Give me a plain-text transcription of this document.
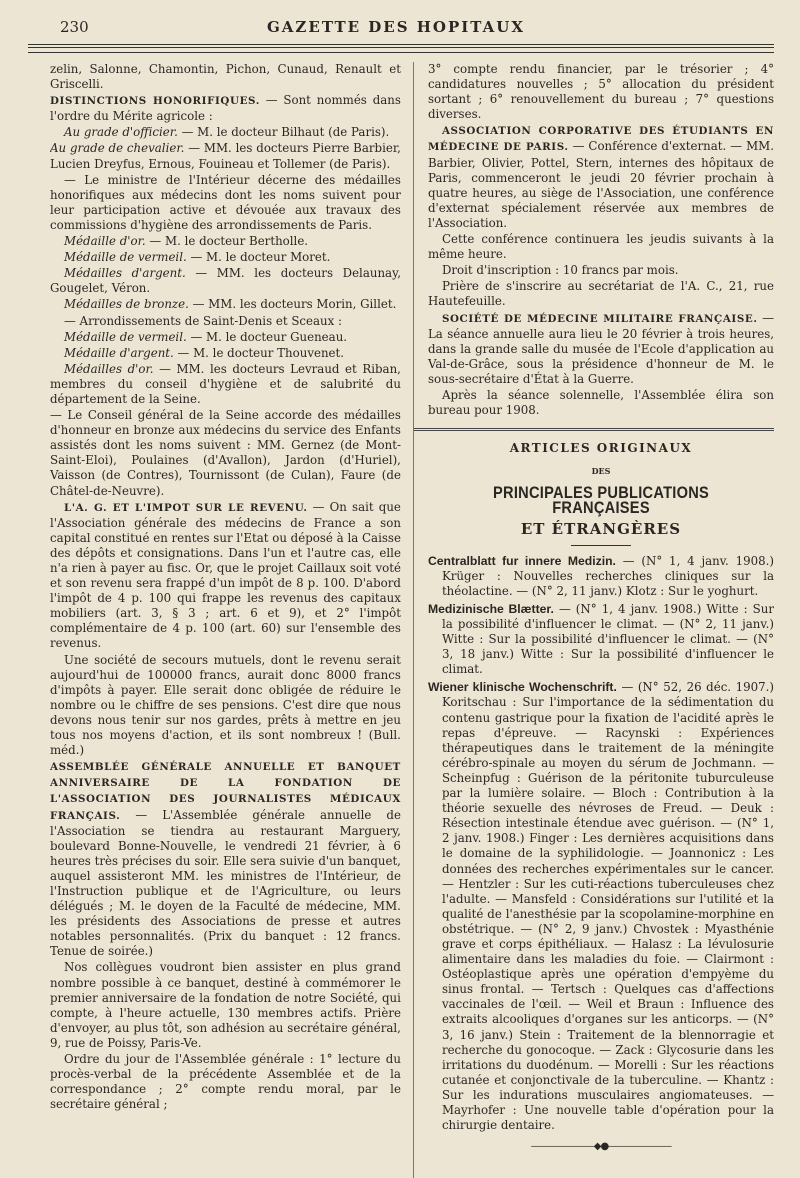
230	GAZETTE DES HOPITAUX

zelin, Salonne, Chamontin, Pichon, Cunaud, Renault et Griscelli.

DISTINCTIONS HONORIFIQUES. — Sont nommés dans l'ordre du Mérite agricole :

Au grade d'officier. — M. le docteur Bilhaut (de Paris).

Au grade de chevalier. — MM. les docteurs Pierre Barbier, Lucien Dreyfus, Ernous, Fouineau et Tollemer (de Paris).

— Le ministre de l'Intérieur décerne des médailles honorifiques aux médecins dont les noms suivent pour leur participation active et dévouée aux travaux des commissions d'hygiène des arrondissements de Paris.

Médaille d'or. — M. le docteur Bertholle.

Médaille de vermeil. — M. le docteur Moret.

Médailles d'argent. — MM. les docteurs Delaunay, Gougelet, Véron.

Médailles de bronze. — MM. les docteurs Morin, Gillet.

— Arrondissements de Saint-Denis et Sceaux :

Médaille de vermeil. — M. le docteur Gueneau.

Médaille d'argent. — M. le docteur Thouvenet.

Médailles d'or. — MM. les docteurs Levraud et Riban, membres du conseil d'hygiène et de salubrité du département de la Seine.

— Le Conseil général de la Seine accorde des médailles d'honneur en bronze aux médecins du service des Enfants assistés dont les noms suivent : MM. Gernez (de Mont-Saint-Eloi), Poulaines (d'Avallon), Jardon (d'Huriel), Vaisson (de Contres), Tournissont (de Culan), Faure (de Châtel-de-Neuvre).

L'A. G. ET L'IMPOT SUR LE REVENU. — On sait que l'Association générale des médecins de France a son capital constitué en rentes sur l'Etat ou déposé à la Caisse des dépôts et consignations. Dans l'un et l'autre cas, elle n'a rien à payer au fisc. Or, que le projet Caillaux soit voté et son revenu sera frappé d'un impôt de 8 p. 100. D'abord l'impôt de 4 p. 100 qui frappe les revenus des capitaux mobiliers (art. 3, § 3 ; art. 6 et 9), et 2° l'impôt complémentaire de 4 p. 100 (art. 60) sur l'ensemble des revenus.

Une société de secours mutuels, dont le revenu serait aujourd'hui de 100000 francs, aurait donc 8000 francs d'impôts à payer. Elle serait donc obligée de réduire le nombre ou le chiffre de ses pensions. C'est dire que nous devons nous tenir sur nos gardes, prêts à mettre en jeu tous nos moyens d'action, et ils sont nombreux ! (Bull. méd.)

ASSEMBLÉE GÉNÉRALE ANNUELLE ET BANQUET ANNIVERSAIRE DE LA FONDATION DE L'ASSOCIATION DES JOURNALISTES MÉDICAUX FRANÇAIS. — L'Assemblée générale annuelle de l'Association se tiendra au restaurant Marguery, boulevard Bonne-Nouvelle, le vendredi 21 février, à 6 heures très précises du soir. Elle sera suivie d'un banquet, auquel assisteront MM. les ministres de l'Intérieur, de l'Instruction publique et de l'Agriculture, ou leurs délégués ; M. le doyen de la Faculté de médecine, MM. les présidents des Associations de presse et autres notables personnalités. (Prix du banquet : 12 francs. Tenue de soirée.)

Nos collègues voudront bien assister en plus grand nombre possible à ce banquet, destiné à commémorer le premier anniversaire de la fondation de notre Société, qui compte, à l'heure actuelle, 130 membres actifs. Prière d'envoyer, au plus tôt, son adhésion au secrétaire général, 9, rue de Poissy, Paris-Ve.

Ordre du jour de l'Assemblée générale : 1° lecture du procès-verbal de la précédente Assemblée et de la correspondance ; 2° compte rendu moral, par le secrétaire général ;

3° compte rendu financier, par le trésorier ; 4° candidatures nouvelles ; 5° allocation du président sortant ; 6° renouvellement du bureau ; 7° questions diverses.

ASSOCIATION CORPORATIVE DES ÉTUDIANTS EN MÉDECINE DE PARIS. — Conférence d'externat. — MM. Barbier, Olivier, Pottel, Stern, internes des hôpitaux de Paris, commenceront le jeudi 20 février prochain à quatre heures, au siège de l'Association, une conférence d'externat spécialement réservée aux membres de l'Association.

Cette conférence continuera les jeudis suivants à la même heure.

Droit d'inscription : 10 francs par mois.

Prière de s'inscrire au secrétariat de l'A. C., 21, rue Hautefeuille.

SOCIÉTÉ DE MÉDECINE MILITAIRE FRANÇAISE. — La séance annuelle aura lieu le 20 février à trois heures, dans la grande salle du musée de l'Ecole d'application au Val-de-Grâce, sous la présidence d'honneur de M. le sous-secrétaire d'État à la Guerre.

Après la séance solennelle, l'Assemblée élira son bureau pour 1908.

ARTICLES ORIGINAUX
DES
PRINCIPALES PUBLICATIONS FRANÇAISES
ET ÉTRANGÈRES

Centralblatt fur innere Medizin. — (N° 1, 4 janv. 1908.) Krüger : Nouvelles recherches cliniques sur la théolactine. — (N° 2, 11 janv.) Klotz : Sur le yoghurt.

Medizinische Blætter. — (N° 1, 4 janv. 1908.) Witte : Sur la possibilité d'influencer le climat. — (N° 2, 11 janv.) Witte : Sur la possibilité d'influencer le climat. — (N° 3, 18 janv.) Witte : Sur la possibilité d'influencer le climat.

Wiener klinische Wochenschrift. — (N° 52, 26 déc. 1907.) Koritschau : Sur l'importance de la sédimentation du contenu gastrique pour la fixation de l'acidité après le repas d'épreuve. — Racynski : Expériences thérapeutiques dans le traitement de la méningite cérébro-spinale au moyen du sérum de Jochmann. — Scheinpfug : Guérison de la péritonite tuburculeuse par la lumière solaire. — Bloch : Contribution à la théorie sexuelle des névroses de Freud. — Deuk : Résection intestinale étendue avec guérison. — (N° 1, 2 janv. 1908.) Finger : Les dernières acquisitions dans le domaine de la syphilidologie. — Joannonicz : Les données des recherches expérimentales sur le cancer. — Hentzler : Sur les cuti-réactions tuberculeuses chez l'adulte. — Mansfeld : Considérations sur l'utilité et la qualité de l'anesthésie par la scopolamine-morphine en obstétrique. — (N° 2, 9 janv.) Chvostek : Myasthénie grave et corps épithéliaux. — Halasz : La lévulosurie alimentaire dans les maladies du foie. — Clairmont : Ostéoplastique après une opération d'empyème du sinus frontal. — Tertsch : Quelques cas d'affections vaccinales de l'œil. — Weil et Braun : Influence des extraits alcooliques d'organes sur les anticorps. — (N° 3, 16 janv.) Stein : Traitement de la blennorragie et recherche du gonocoque. — Zack : Glycosurie dans les irritations du duodénum. — Morelli : Sur les réactions cutanée et conjonctivale de la tuberculine. — Khantz : Sur les indurations musculaires angiomateuses. — Mayrhofer : Une nouvelle table d'opération pour la chirurgie dentaire.

———————◆●———————
